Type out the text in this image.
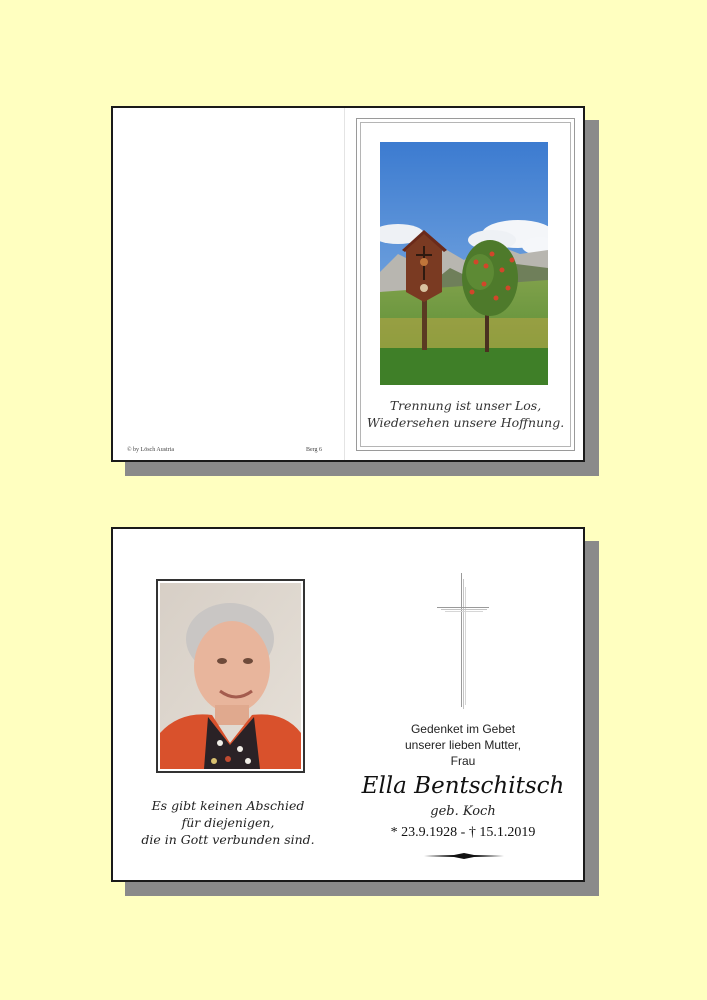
© by Lösch Austria	Berg 6
Trennung ist unser Los,
Wiedersehen unsere Hoffnung.
Es gibt keinen Abschied
für diejenigen,
die in Gott verbunden sind.
Gedenket im Gebet
unserer lieben Mutter,
Frau
Ella Bentschitsch
geb. Koch
* 23.9.1928 - † 15.1.2019
